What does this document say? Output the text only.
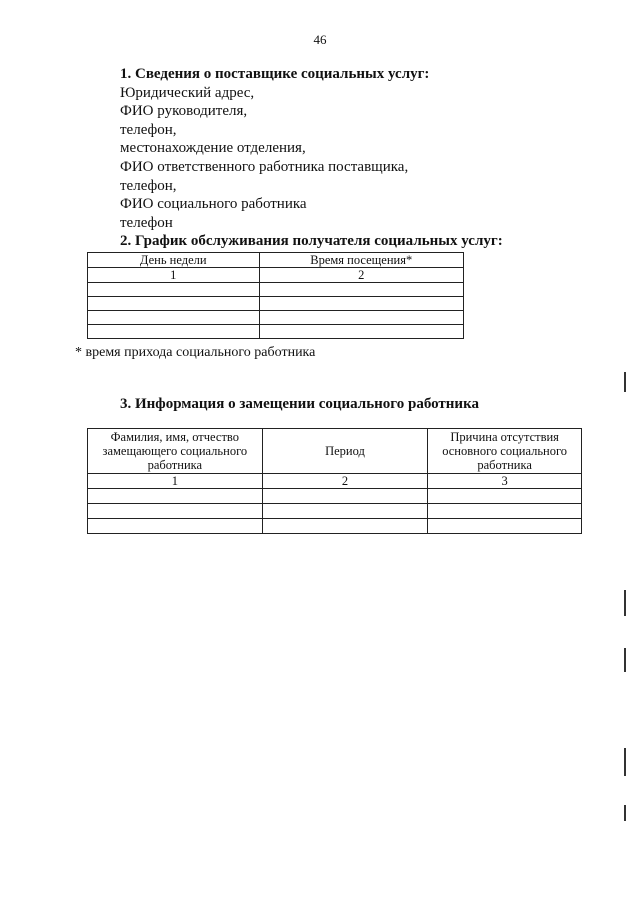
46
1. Сведения о поставщике социальных услуг:
Юридический адрес,
ФИО руководителя,
телефон,
местонахождение отделения,
ФИО ответственного работника поставщика,
телефон,
ФИО социального работника
телефон
2. График обслуживания получателя социальных услуг:
День недели	Время посещения*
1	2

* время прихода социального работника
3. Информация о замещении социального работника
Фамилия, имя, отчество замещающего социального работника	Период	Причина отсутствия основного социального работника
1	2	3
